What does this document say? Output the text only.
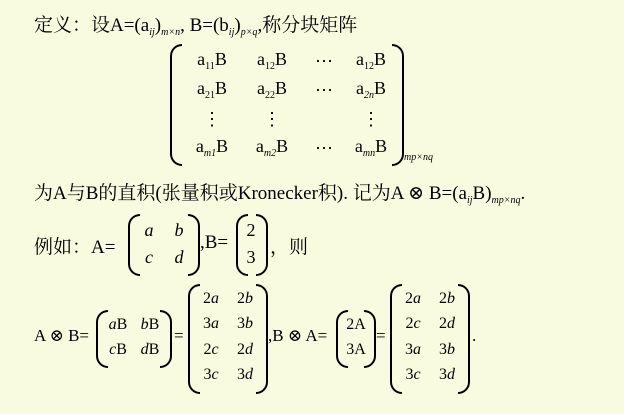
定义：设$A=(a_{ij})_{m\times n}$, $B=(b_{ij})_{p\times q}$,称分块矩阵
$a_{11}B$ $a_{12}B$ ⋯ $a_{12}B$
$a_{21}B$ $a_{22}B$ ⋯ $a_{2n}B$
⋮ ⋮	⋮
$a_{m1}B$ $a_{m2}B$ ⋯ $a_{mn}B$
mp×nq
为A与B的直积(张量积或Kronecker积). 记为A ⊗ $B=(a_{ij}B)_{mp\times nq}$.
例如：A=
a b
c d
,B=
2
3 ，则
A ⊗ B=
aB bB
cB dB
=
2a 2b
3a 3b
2c 2d
3c 3d
,B ⊗ A=
2A
3A
=
2a 2b
2c 2d
3a 3b
3c 3d
.
